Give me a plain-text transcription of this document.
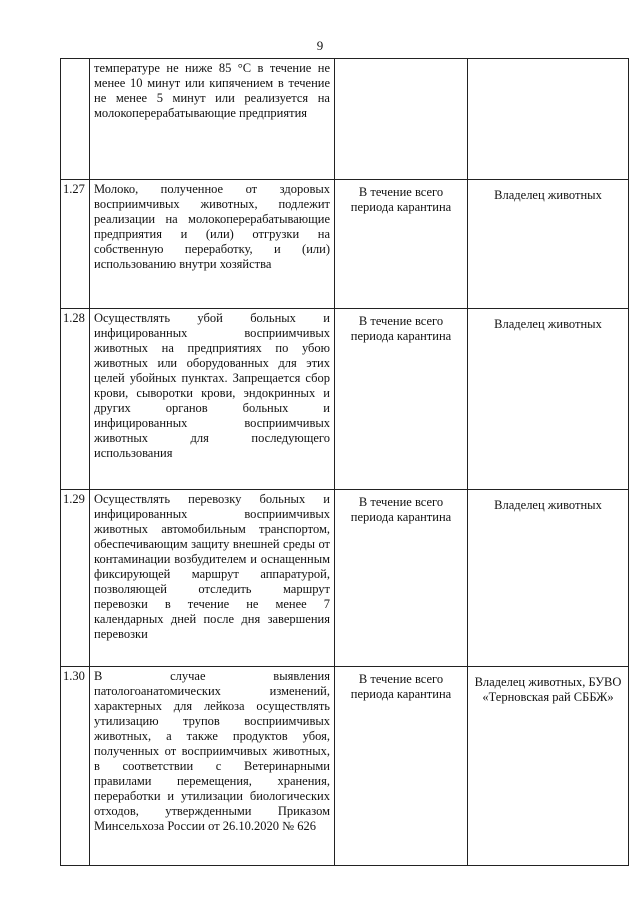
9
	температуре не ниже 85 °С в течение не менее 10 минут или кипячением в течение не менее 5 минут или реализуется на молокоперерабатывающие предприятия		
1.27	Молоко, полученное от здоровых восприимчивых животных, подлежит реализации на молокоперерабатывающие предприятия и (или) отгрузки на собственную переработку, и (или) использованию внутри хозяйства	В течение всего периода карантина	Владелец животных
1.28	Осуществлять убой больных и инфицированных восприимчивых животных на предприятиях по убою животных или оборудованных для этих целей убойных пунктах. Запрещается сбор крови, сыворотки крови, эндокринных и других органов больных и инфицированных восприимчивых животных для последующего использования	В течение всего периода карантина	Владелец животных
1.29	Осуществлять перевозку больных и инфицированных восприимчивых животных автомобильным транспортом, обеспечивающим защиту внешней среды от контаминации возбудителем и оснащенным фиксирующей маршрут аппаратурой, позволяющей отследить маршрут перевозки в течение не менее 7 календарных дней после дня завершения перевозки	В течение всего периода карантина	Владелец животных
1.30	В случае выявления патологоанатомических изменений, характерных для лейкоза осуществлять утилизацию трупов восприимчивых животных, а также продуктов убоя, полученных от восприимчивых животных, в соответствии с Ветеринарными правилами перемещения, хранения, переработки и утилизации биологических отходов, утвержденными Приказом Минсельхоза России от 26.10.2020 № 626	В течение всего периода карантина	Владелец животных, БУВО «Терновская рай СББЖ»
